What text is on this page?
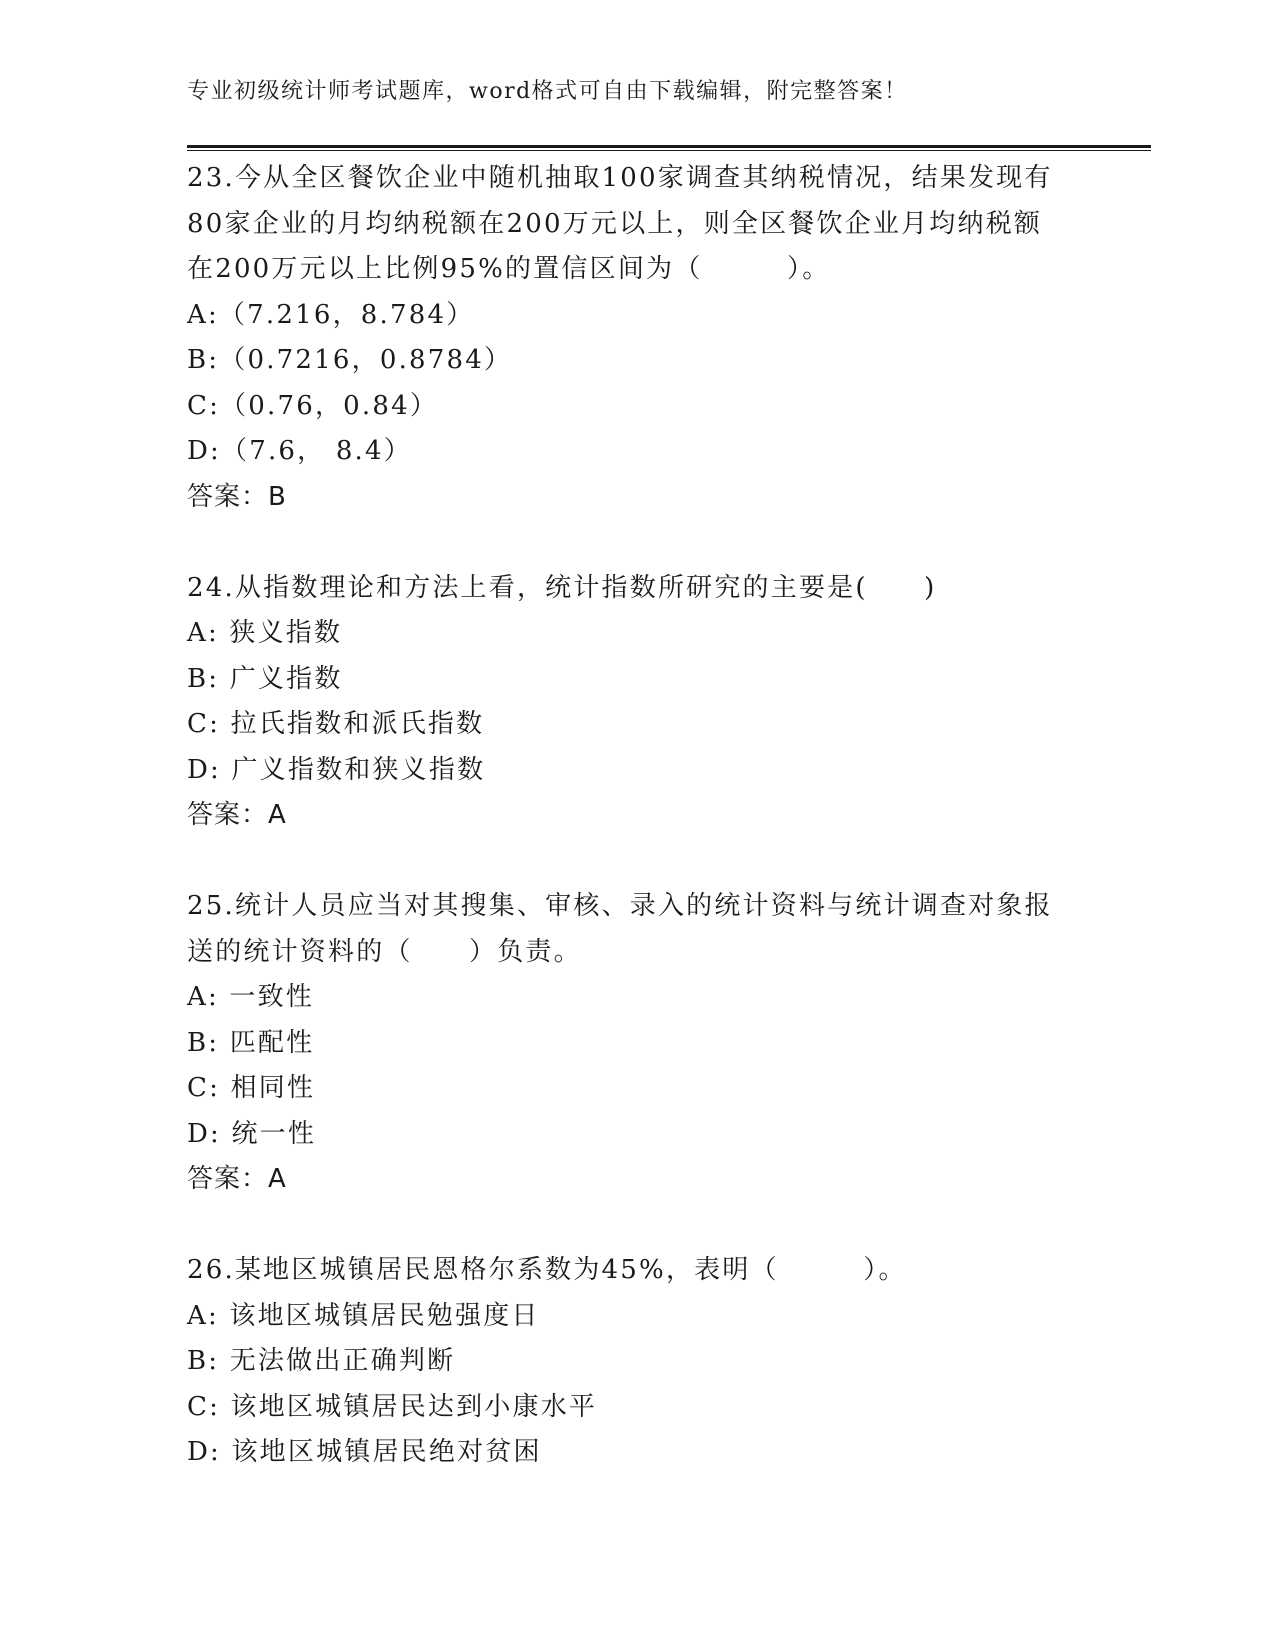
专业初级统计师考试题库，word格式可自由下载编辑，附完整答案！
23.今从全区餐饮企业中随机抽取100家调查其纳税情况，结果发现有
80家企业的月均纳税额在200万元以上，则全区餐饮企业月均纳税额
在200万元以上比例95%的置信区间为（　　　）。
A:（7.216，8.784）
B:（0.7216，0.8784）
C:（0.76，0.84）
D:（7.6， 8.4）
答案：B
24.从指数理论和方法上看，统计指数所研究的主要是(　　)
A: 狭义指数
B: 广义指数
C: 拉氏指数和派氏指数
D: 广义指数和狭义指数
答案：A
25.统计人员应当对其搜集、审核、录入的统计资料与统计调查对象报
送的统计资料的（　　）负责。
A: 一致性
B: 匹配性
C: 相同性
D: 统一性
答案：A
26.某地区城镇居民恩格尔系数为45%，表明（　　　）。
A: 该地区城镇居民勉强度日
B: 无法做出正确判断
C: 该地区城镇居民达到小康水平
D: 该地区城镇居民绝对贫困
